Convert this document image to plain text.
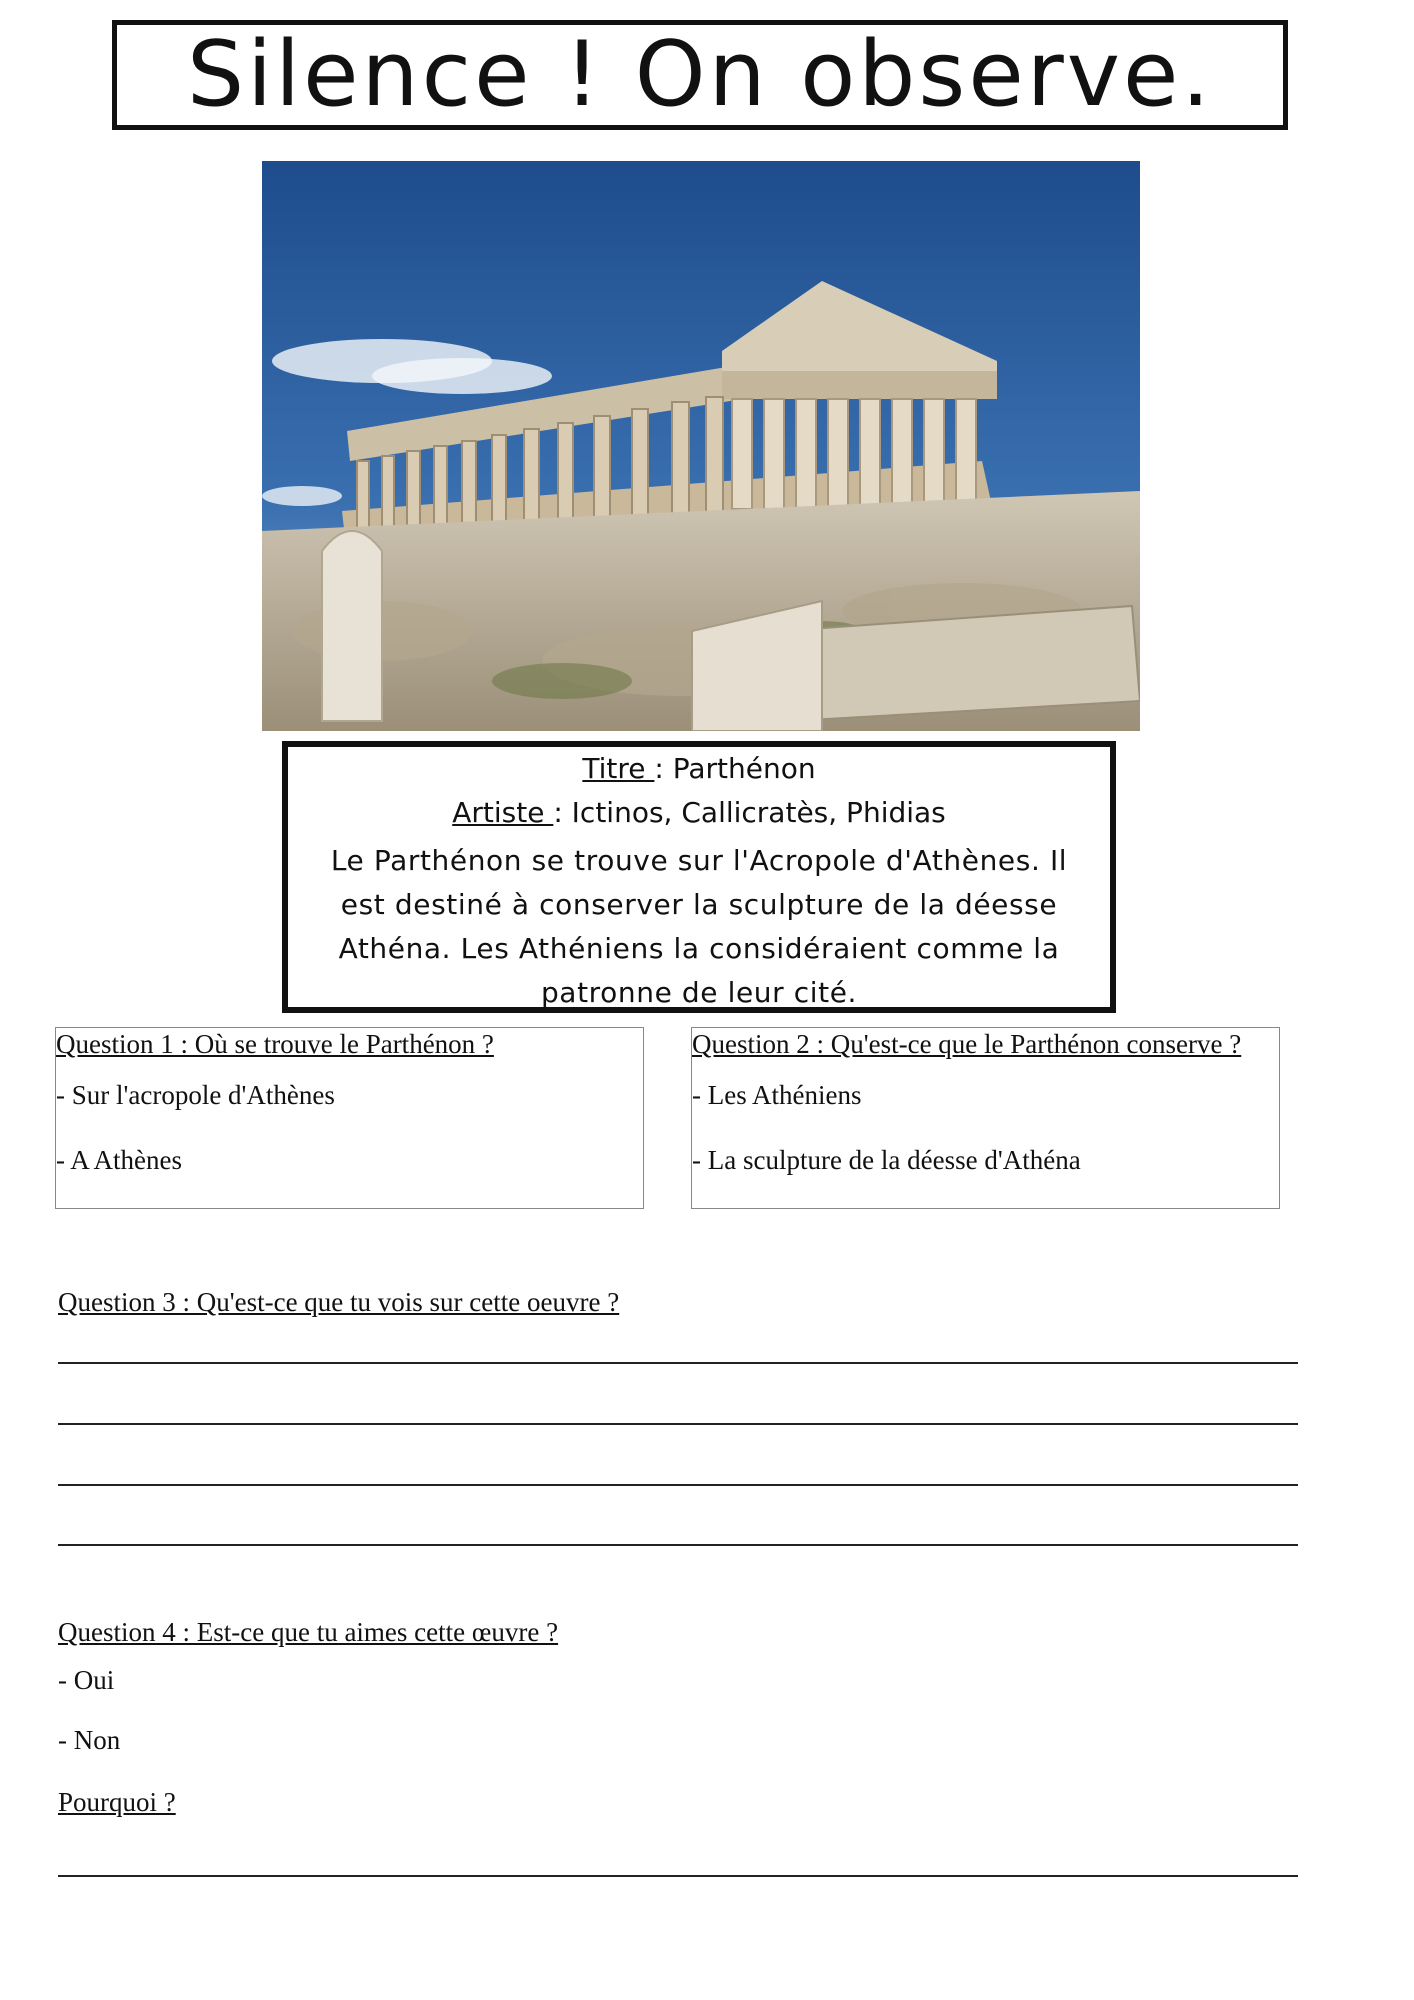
Silence ! On observe.
Titre : Parthénon
Artiste : Ictinos, Callicratès, Phidias
Le Parthénon se trouve sur l'Acropole d'Athènes. Il est destiné à conserver la sculpture de la déesse Athéna. Les Athéniens la considéraient comme la patronne de leur cité.
Question 1 : Où se trouve le Parthénon ?
- Sur l'acropole d'Athènes
- A Athènes
Question 2 : Qu'est-ce que le Parthénon conserve ?
- Les Athéniens
- La sculpture de la déesse d'Athéna
Question 3 : Qu'est-ce que tu vois sur cette oeuvre ?
Question 4 : Est-ce que tu aimes cette œuvre ?
- Oui
- Non
Pourquoi ?
